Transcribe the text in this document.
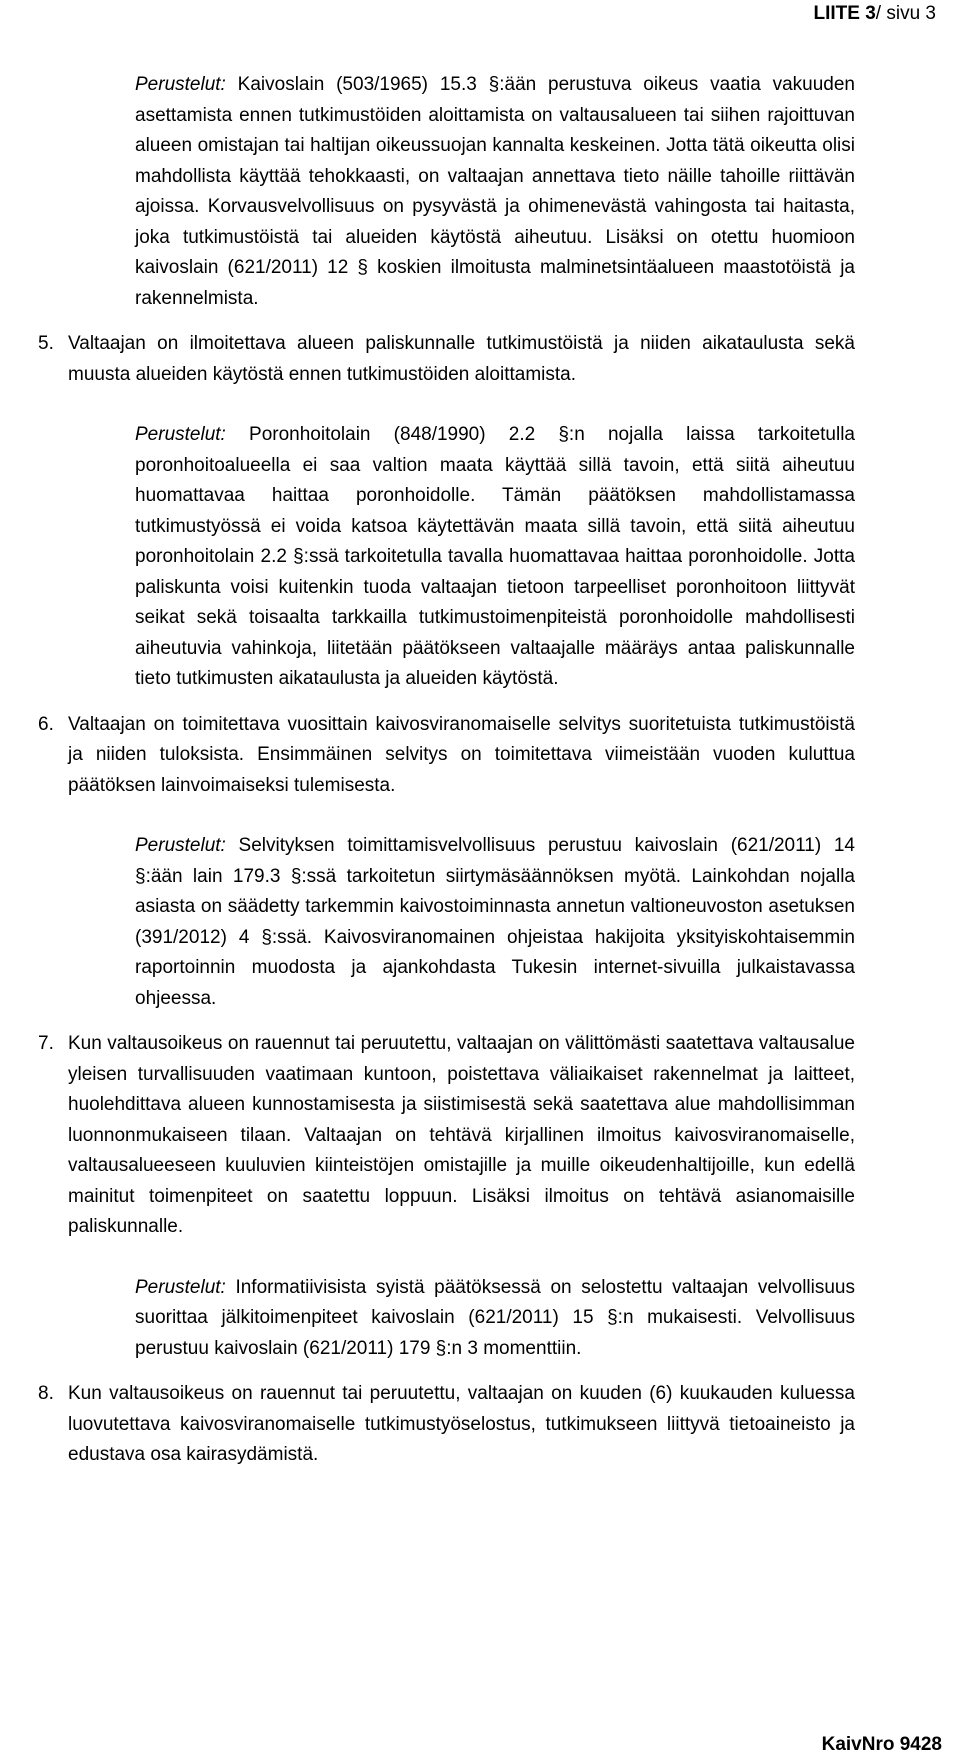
LIITE 3/ sivu 3
Perustelut: Kaivoslain (503/1965) 15.3 §:ään perustuva oikeus vaatia vakuuden asettamista ennen tutkimustöiden aloittamista on valtausalueen tai siihen rajoittuvan alueen omistajan tai haltijan oikeussuojan kannalta keskeinen. Jotta tätä oikeutta olisi mahdollista käyttää tehokkaasti, on valtaajan annettava tieto näille tahoille riittävän ajoissa. Korvausvelvollisuus on pysyvästä ja ohimenevästä vahingosta tai haitasta, joka tutkimustöistä tai alueiden käytöstä aiheutuu. Lisäksi on otettu huomioon kaivoslain (621/2011) 12 § koskien ilmoitusta malminetsintäalueen maastotöistä ja rakennelmista.
5. Valtaajan on ilmoitettava alueen paliskunnalle tutkimustöistä ja niiden aikataulusta sekä muusta alueiden käytöstä ennen tutkimustöiden aloittamista.
Perustelut: Poronhoitolain (848/1990) 2.2 §:n nojalla laissa tarkoitetulla poronhoitoalueella ei saa valtion maata käyttää sillä tavoin, että siitä aiheutuu huomattavaa haittaa poronhoidolle. Tämän päätöksen mahdollistamassa tutkimustyössä ei voida katsoa käytettävän maata sillä tavoin, että siitä aiheutuu poronhoitolain 2.2 §:ssä tarkoitetulla tavalla huomattavaa haittaa poronhoidolle. Jotta paliskunta voisi kuitenkin tuoda valtaajan tietoon tarpeelliset poronhoitoon liittyvät seikat sekä toisaalta tarkkailla tutkimustoimenpiteistä poronhoidolle mahdollisesti aiheutuvia vahinkoja, liitetään päätökseen valtaajalle määräys antaa paliskunnalle tieto tutkimusten aikataulusta ja alueiden käytöstä.
6. Valtaajan on toimitettava vuosittain kaivosviranomaiselle selvitys suoritetuista tutkimustöistä ja niiden tuloksista. Ensimmäinen selvitys on toimitettava viimeistään vuoden kuluttua päätöksen lainvoimaiseksi tulemisesta.
Perustelut: Selvityksen toimittamisvelvollisuus perustuu kaivoslain (621/2011) 14 §:ään lain 179.3 §:ssä tarkoitetun siirtymäsäännöksen myötä. Lainkohdan nojalla asiasta on säädetty tarkemmin kaivostoiminnasta annetun valtioneuvoston asetuksen (391/2012) 4 §:ssä. Kaivosviranomainen ohjeistaa hakijoita yksityiskohtaisemmin raportoinnin muodosta ja ajankohdasta Tukesin internet-sivuilla julkaistavassa ohjeessa.
7. Kun valtausoikeus on rauennut tai peruutettu, valtaajan on välittömästi saatettava valtausalue yleisen turvallisuuden vaatimaan kuntoon, poistettava väliaikaiset rakennelmat ja laitteet, huolehdittava alueen kunnostamisesta ja siistimisestä sekä saatettava alue mahdollisimman luonnonmukaiseen tilaan. Valtaajan on tehtävä kirjallinen ilmoitus kaivosviranomaiselle, valtausalueeseen kuuluvien kiinteistöjen omistajille ja muille oikeudenhaltijoille, kun edellä mainitut toimenpiteet on saatettu loppuun. Lisäksi ilmoitus on tehtävä asianomaisille paliskunnalle.
Perustelut: Informatiivisista syistä päätöksessä on selostettu valtaajan velvollisuus suorittaa jälkitoimenpiteet kaivoslain (621/2011) 15 §:n mukaisesti. Velvollisuus perustuu kaivoslain (621/2011) 179 §:n 3 momenttiin.
8. Kun valtausoikeus on rauennut tai peruutettu, valtaajan on kuuden (6) kuukauden kuluessa luovutettava kaivosviranomaiselle tutkimustyöselostus, tutkimukseen liittyvä tietoaineisto ja edustava osa kairasydämistä.
KaivNro 9428
